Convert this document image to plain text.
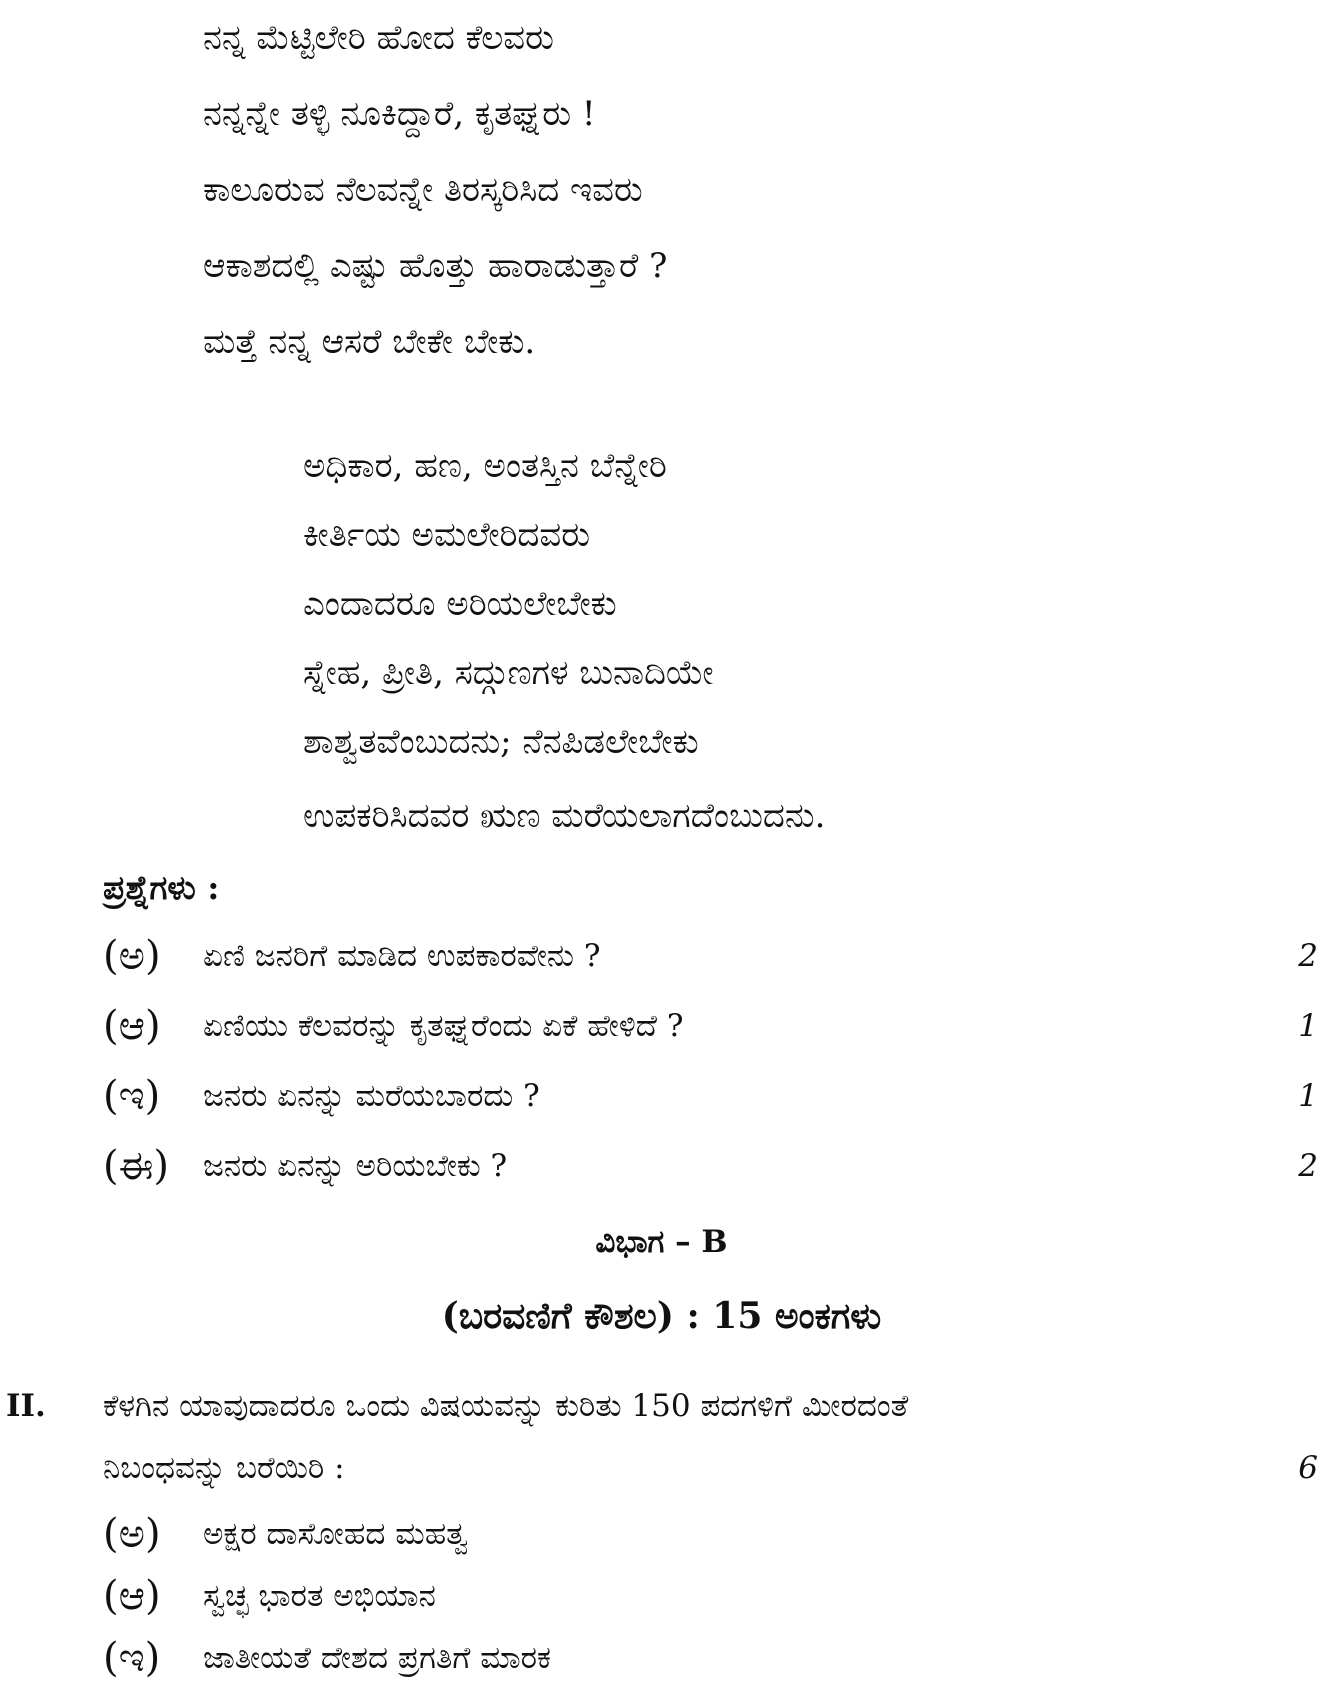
ನನ್ನ ಮೆಟ್ಟಿಲೇರಿ ಹೋದ ಕೆಲವರು
ನನ್ನನ್ನೇ ತಳ್ಳಿ ನೂಕಿದ್ದಾರೆ, ಕೃತಘ್ನರು !
ಕಾಲೂರುವ ನೆಲವನ್ನೇ ತಿರಸ್ಕರಿಸಿದ ಇವರು
ಆಕಾಶದಲ್ಲಿ ಎಷ್ಟು ಹೊತ್ತು ಹಾರಾಡುತ್ತಾರೆ ?
ಮತ್ತೆ ನನ್ನ ಆಸರೆ ಬೇಕೇ ಬೇಕು.
ಅಧಿಕಾರ, ಹಣ, ಅಂತಸ್ತಿನ ಬೆನ್ನೇರಿ
ಕೀರ್ತಿಯ ಅಮಲೇರಿದವರು
ಎಂದಾದರೂ ಅರಿಯಲೇಬೇಕು
ಸ್ನೇಹ, ಪ್ರೀತಿ, ಸದ್ಗುಣಗಳ ಬುನಾದಿಯೇ
ಶಾಶ್ವತವೆಂಬುದನು; ನೆನಪಿಡಲೇಬೇಕು
ಉಪಕರಿಸಿದವರ ಋಣ ಮರೆಯಲಾಗದೆಂಬುದನು.
ಪ್ರಶ್ನೆಗಳು :
(ಅ) ಏಣಿ ಜನರಿಗೆ ಮಾಡಿದ ಉಪಕಾರವೇನು ?	2
(ಆ) ಏಣಿಯು ಕೆಲವರನ್ನು ಕೃತಘ್ನರೆಂದು ಏಕೆ ಹೇಳಿದೆ ?	1
(ಇ) ಜನರು ಏನನ್ನು ಮರೆಯಬಾರದು ?	1
(ಈ) ಜನರು ಏನನ್ನು ಅರಿಯಬೇಕು ?	2
ವಿಭಾಗ – B
(ಬರವಣಿಗೆ ಕೌಶಲ) : 15 ಅಂಕಗಳು
II. ಕೆಳಗಿನ ಯಾವುದಾದರೂ ಒಂದು ವಿಷಯವನ್ನು ಕುರಿತು 150 ಪದಗಳಿಗೆ ಮೀರದಂತೆ
ನಿಬಂಧವನ್ನು ಬರೆಯಿರಿ :	6
(ಅ) ಅಕ್ಷರ ದಾಸೋಹದ ಮಹತ್ವ
(ಆ) ಸ್ವಚ್ಛ ಭಾರತ ಅಭಿಯಾನ
(ಇ) ಜಾತೀಯತೆ ದೇಶದ ಪ್ರಗತಿಗೆ ಮಾರಕ
